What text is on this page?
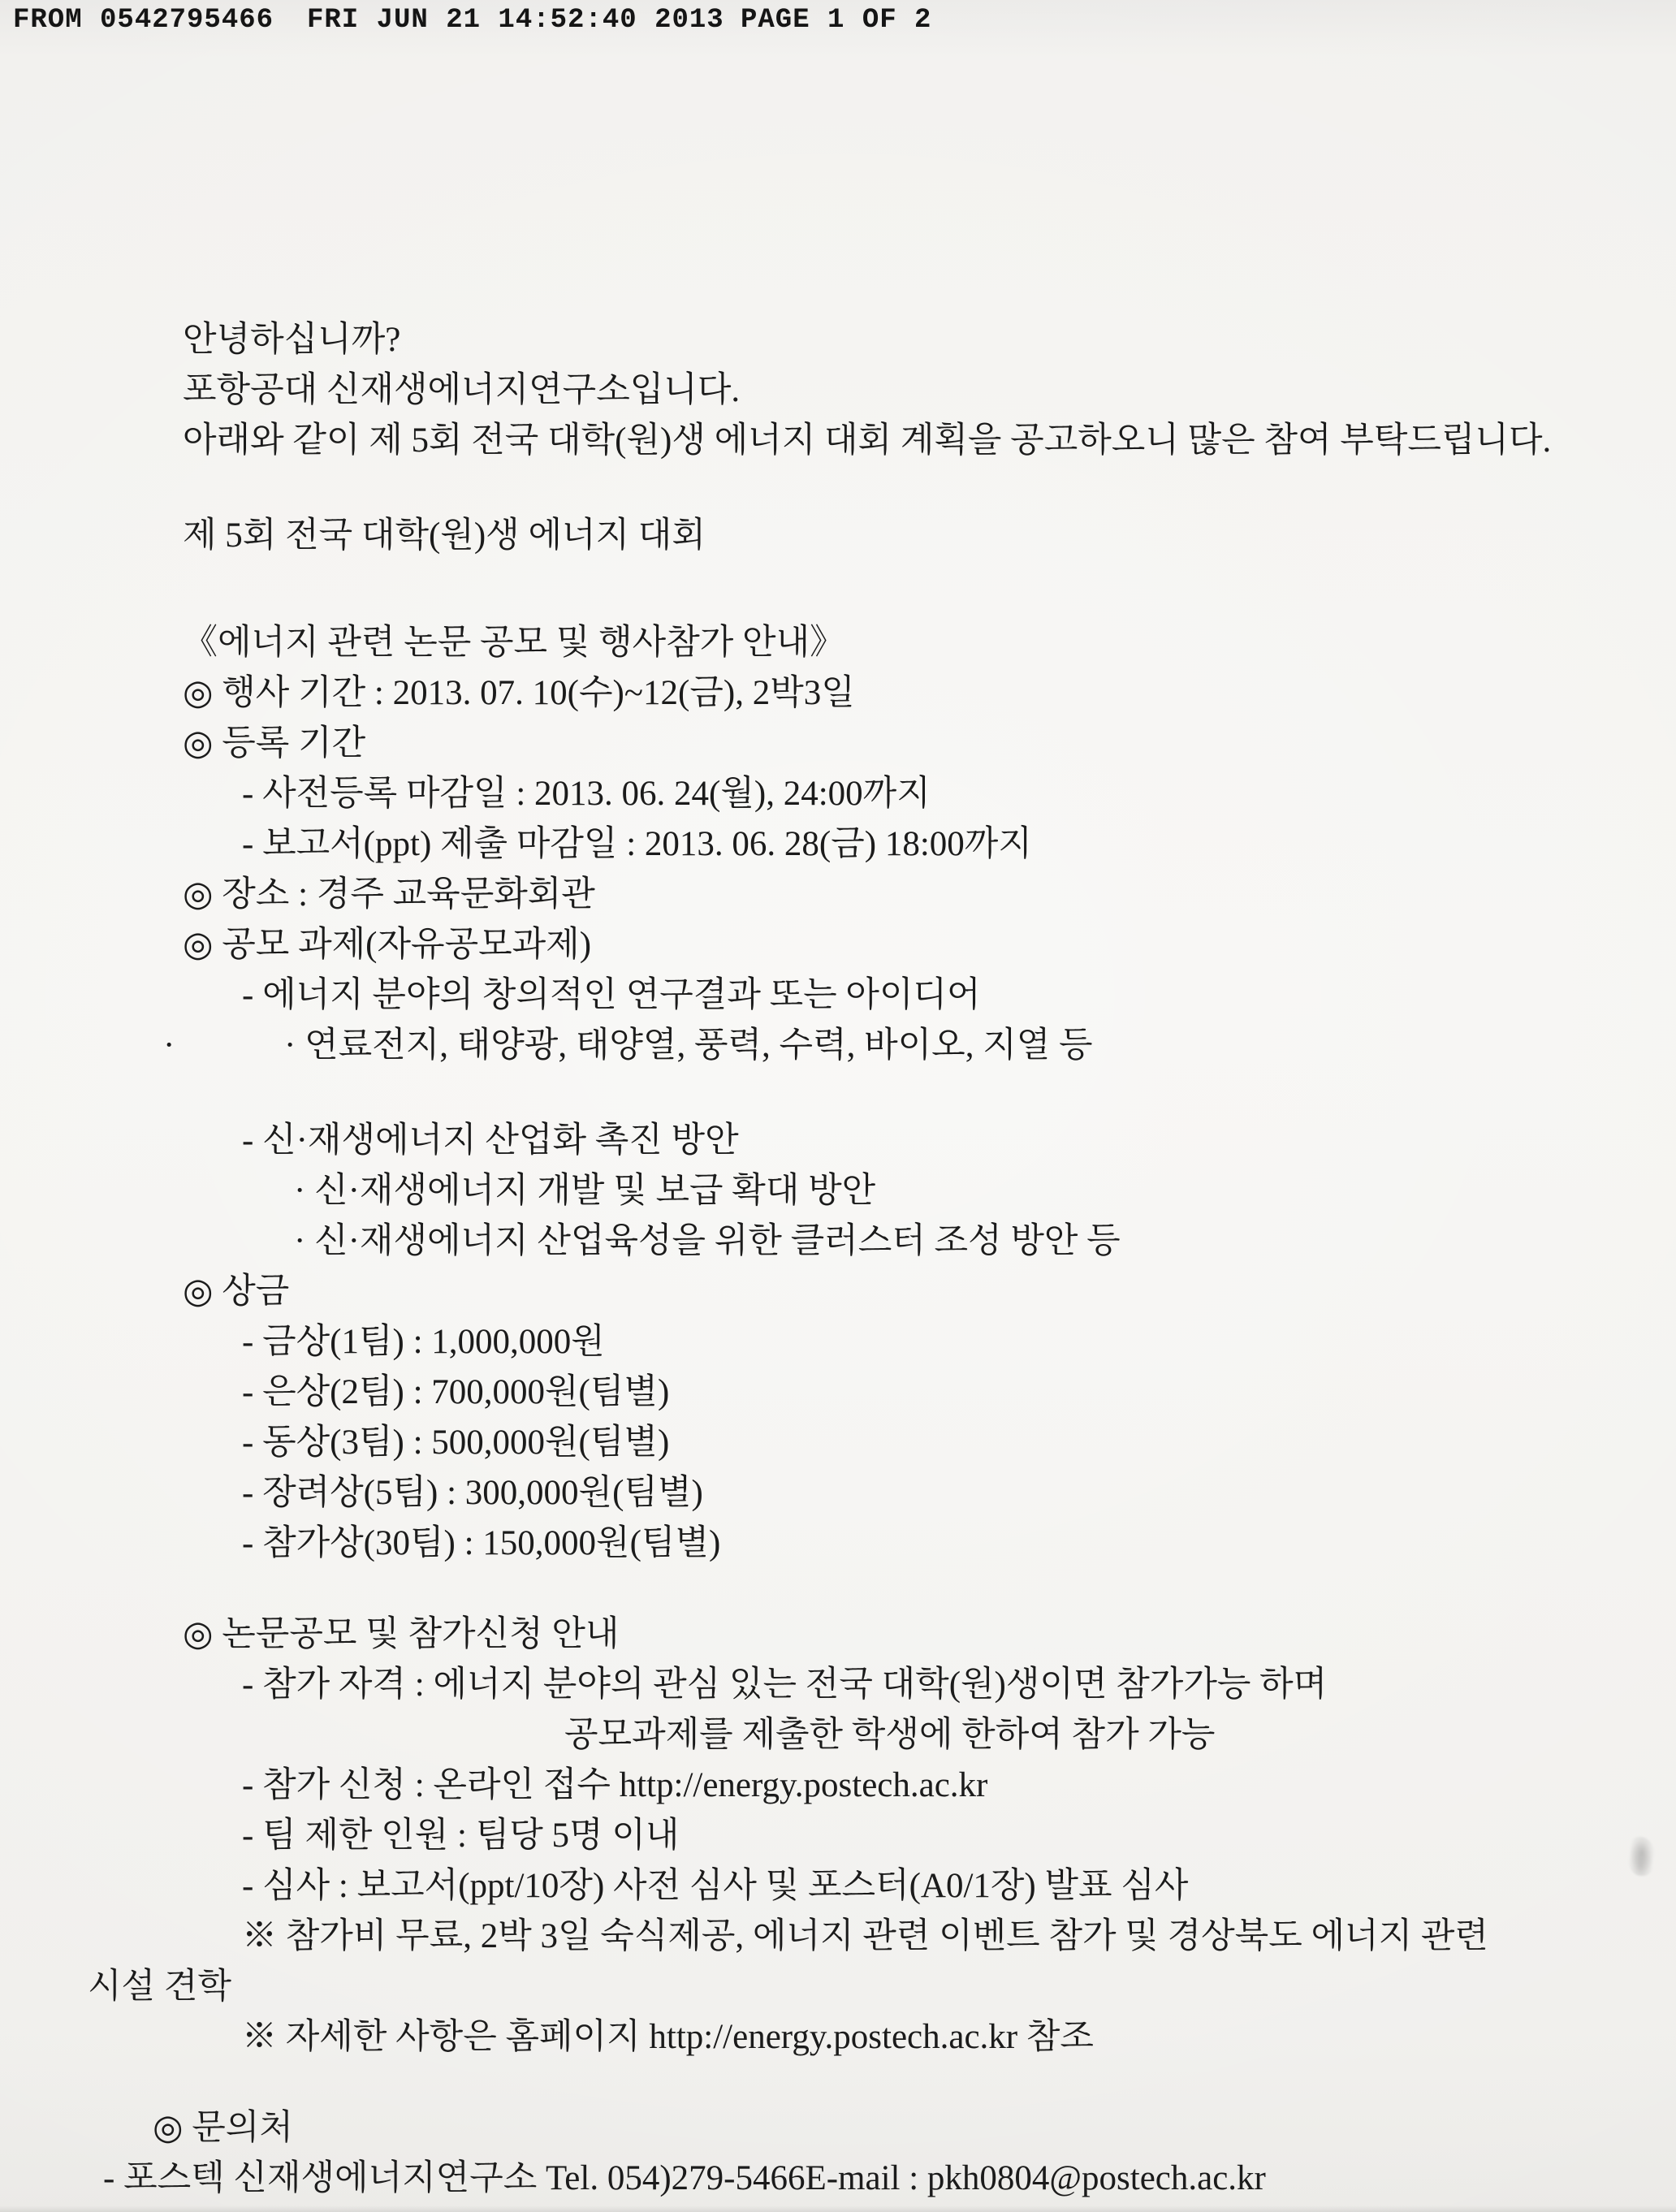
FROM 0542795466 FRI JUN 21 14:52:40 2013 PAGE 1 OF 2
안녕하십니까?
포항공대 신재생에너지연구소입니다.
아래와 같이 제 5회 전국 대학(원)생 에너지 대회 계획을 공고하오니 많은 참여 부탁드립니다.
제 5회 전국 대학(원)생 에너지 대회
《에너지 관련 논문 공모 및 행사참가 안내》
◎ 행사 기간 : 2013. 07. 10(수)~12(금), 2박3일
◎ 등록 기간
- 사전등록 마감일 : 2013. 06. 24(월), 24:00까지
- 보고서(ppt) 제출 마감일 : 2013. 06. 28(금) 18:00까지
◎ 장소 : 경주 교육문화회관
◎ 공모 과제(자유공모과제)
- 에너지 분야의 창의적인 연구결과 또는 아이디어
·	· 연료전지, 태양광, 태양열, 풍력, 수력, 바이오, 지열 등
- 신·재생에너지 산업화 촉진 방안
· 신·재생에너지 개발 및 보급 확대 방안
· 신·재생에너지 산업육성을 위한 클러스터 조성 방안 등
◎ 상금
- 금상(1팀) : 1,000,000원
- 은상(2팀) : 700,000원(팀별)
- 동상(3팀) : 500,000원(팀별)
- 장려상(5팀) : 300,000원(팀별)
- 참가상(30팀) : 150,000원(팀별)
◎ 논문공모 및 참가신청 안내
- 참가 자격 : 에너지 분야의 관심 있는 전국 대학(원)생이면 참가가능 하며
공모과제를 제출한 학생에 한하여 참가 가능
- 참가 신청 : 온라인 접수 http://energy.postech.ac.kr
- 팀 제한 인원 : 팀당 5명 이내
- 심사 : 보고서(ppt/10장) 사전 심사 및 포스터(A0/1장) 발표 심사
※ 참가비 무료, 2박 3일 숙식제공, 에너지 관련 이벤트 참가 및 경상북도 에너지 관련
시설 견학
※ 자세한 사항은 홈페이지 http://energy.postech.ac.kr 참조
◎ 문의처
- 포스텍 신재생에너지연구소 Tel. 054)279-5466E-mail : pkh0804@postech.ac.kr
